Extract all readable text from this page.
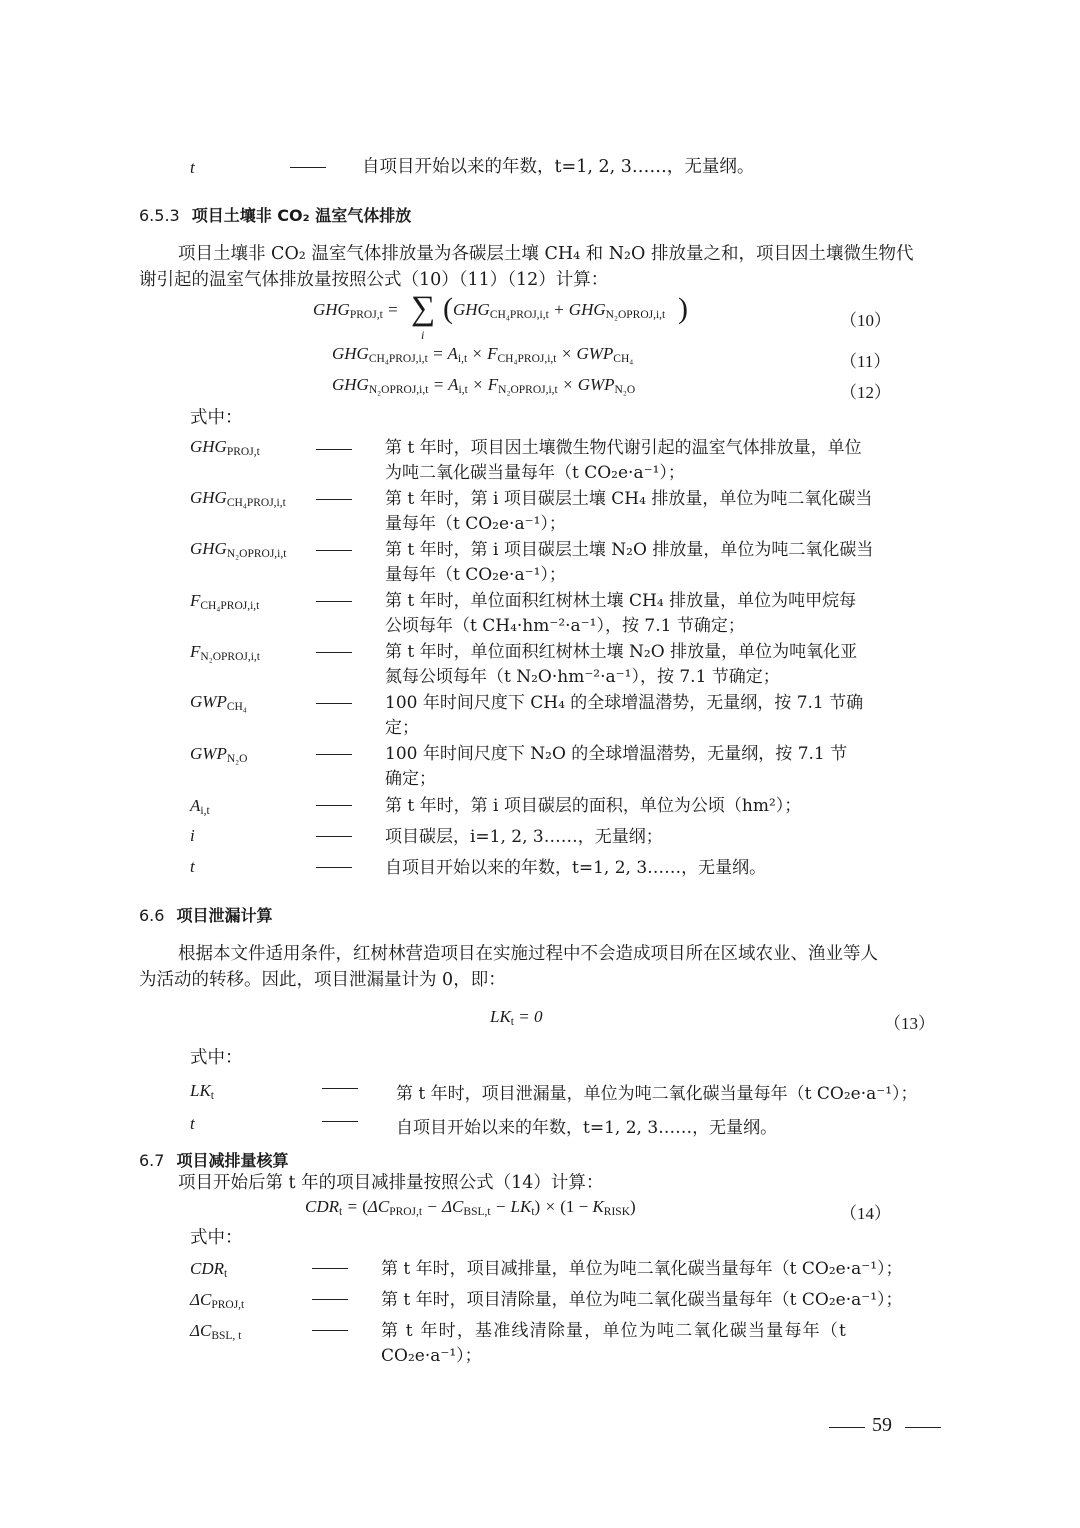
t	自项目开始以来的年数，t=1, 2, 3……，无量纲。
6.5.3 项目土壤非 CO₂ 温室气体排放
项目土壤非 CO₂ 温室气体排放量为各碳层土壤 CH₄ 和 N₂O 排放量之和，项目因土壤微生物代
谢引起的温室气体排放量按照公式（10）（11）（12）计算：
$GHG_{PROJ,t}$ = ∑
i
( $GHG_{CH_4PROJ,i,t} + GHG_{N_2OPROJ,i,t}$ )	（10）
$GHG_{CH_4PROJ,i,t} = A_{i,t} \times F_{CH_4PROJ,i,t} \times GWP_{CH_4}$	（11）
$GHG_{N_2OPROJ,i,t} = A_{i,t} \times F_{N_2OPROJ,i,t} \times GWP_{N_2O}$	（12）
式中：
$GHG_{PROJ,t}$	第 t 年时，项目因土壤微生物代谢引起的温室气体排放量，单位
为吨二氧化碳当量每年（t CO₂e·a⁻¹）；
$GHG_{CH_4PROJ,i,t}$	第 t 年时，第 i 项目碳层土壤 CH₄ 排放量，单位为吨二氧化碳当
量每年（t CO₂e·a⁻¹）；
$GHG_{N_2OPROJ,i,t}$	第 t 年时，第 i 项目碳层土壤 N₂O 排放量，单位为吨二氧化碳当
量每年（t CO₂e·a⁻¹）；
$F_{CH_4PROJ,i,t}$	第 t 年时，单位面积红树林土壤 CH₄ 排放量，单位为吨甲烷每
公顷每年（t CH₄·hm⁻²·a⁻¹），按 7.1 节确定；
$F_{N_2OPROJ,i,t}$	第 t 年时，单位面积红树林土壤 N₂O 排放量，单位为吨氧化亚
氮每公顷每年（t N₂O·hm⁻²·a⁻¹），按 7.1 节确定；
$GWP_{CH_4}$	100 年时间尺度下 CH₄ 的全球增温潜势，无量纲，按 7.1 节确
定；
$GWP_{N_2O}$	100 年时间尺度下 N₂O 的全球增温潜势，无量纲，按 7.1 节
确定；
$A_{i,t}$	第 t 年时，第 i 项目碳层的面积，单位为公顷（hm²）；
i	项目碳层，i=1, 2, 3……，无量纲；
t	自项目开始以来的年数，t=1, 2, 3……，无量纲。
6.6 项目泄漏计算
根据本文件适用条件，红树林营造项目在实施过程中不会造成项目所在区域农业、渔业等人
为活动的转移。因此，项目泄漏量计为 0，即：
$LK_t = 0$	（13）
式中：
$LK_t$	第 t 年时，项目泄漏量，单位为吨二氧化碳当量每年（t CO₂e·a⁻¹）；
t	自项目开始以来的年数，t=1, 2, 3……，无量纲。
6.7 项目减排量核算
项目开始后第 t 年的项目减排量按照公式（14）计算：
$CDR_t = (\Delta C_{PROJ,t} - \Delta C_{BSL,t} - LK_t) \times (1 - K_{RISK})$	（14）
式中：
$CDR_t$	第 t 年时，项目减排量，单位为吨二氧化碳当量每年（t CO₂e·a⁻¹）；
$\Delta C_{PROJ,t}$	第 t 年时，项目清除量，单位为吨二氧化碳当量每年（t CO₂e·a⁻¹）；
$\Delta C_{BSL, t}$	第 t 年时，基准线清除量，单位为吨二氧化碳当量每年（t
CO₂e·a⁻¹）；
59
